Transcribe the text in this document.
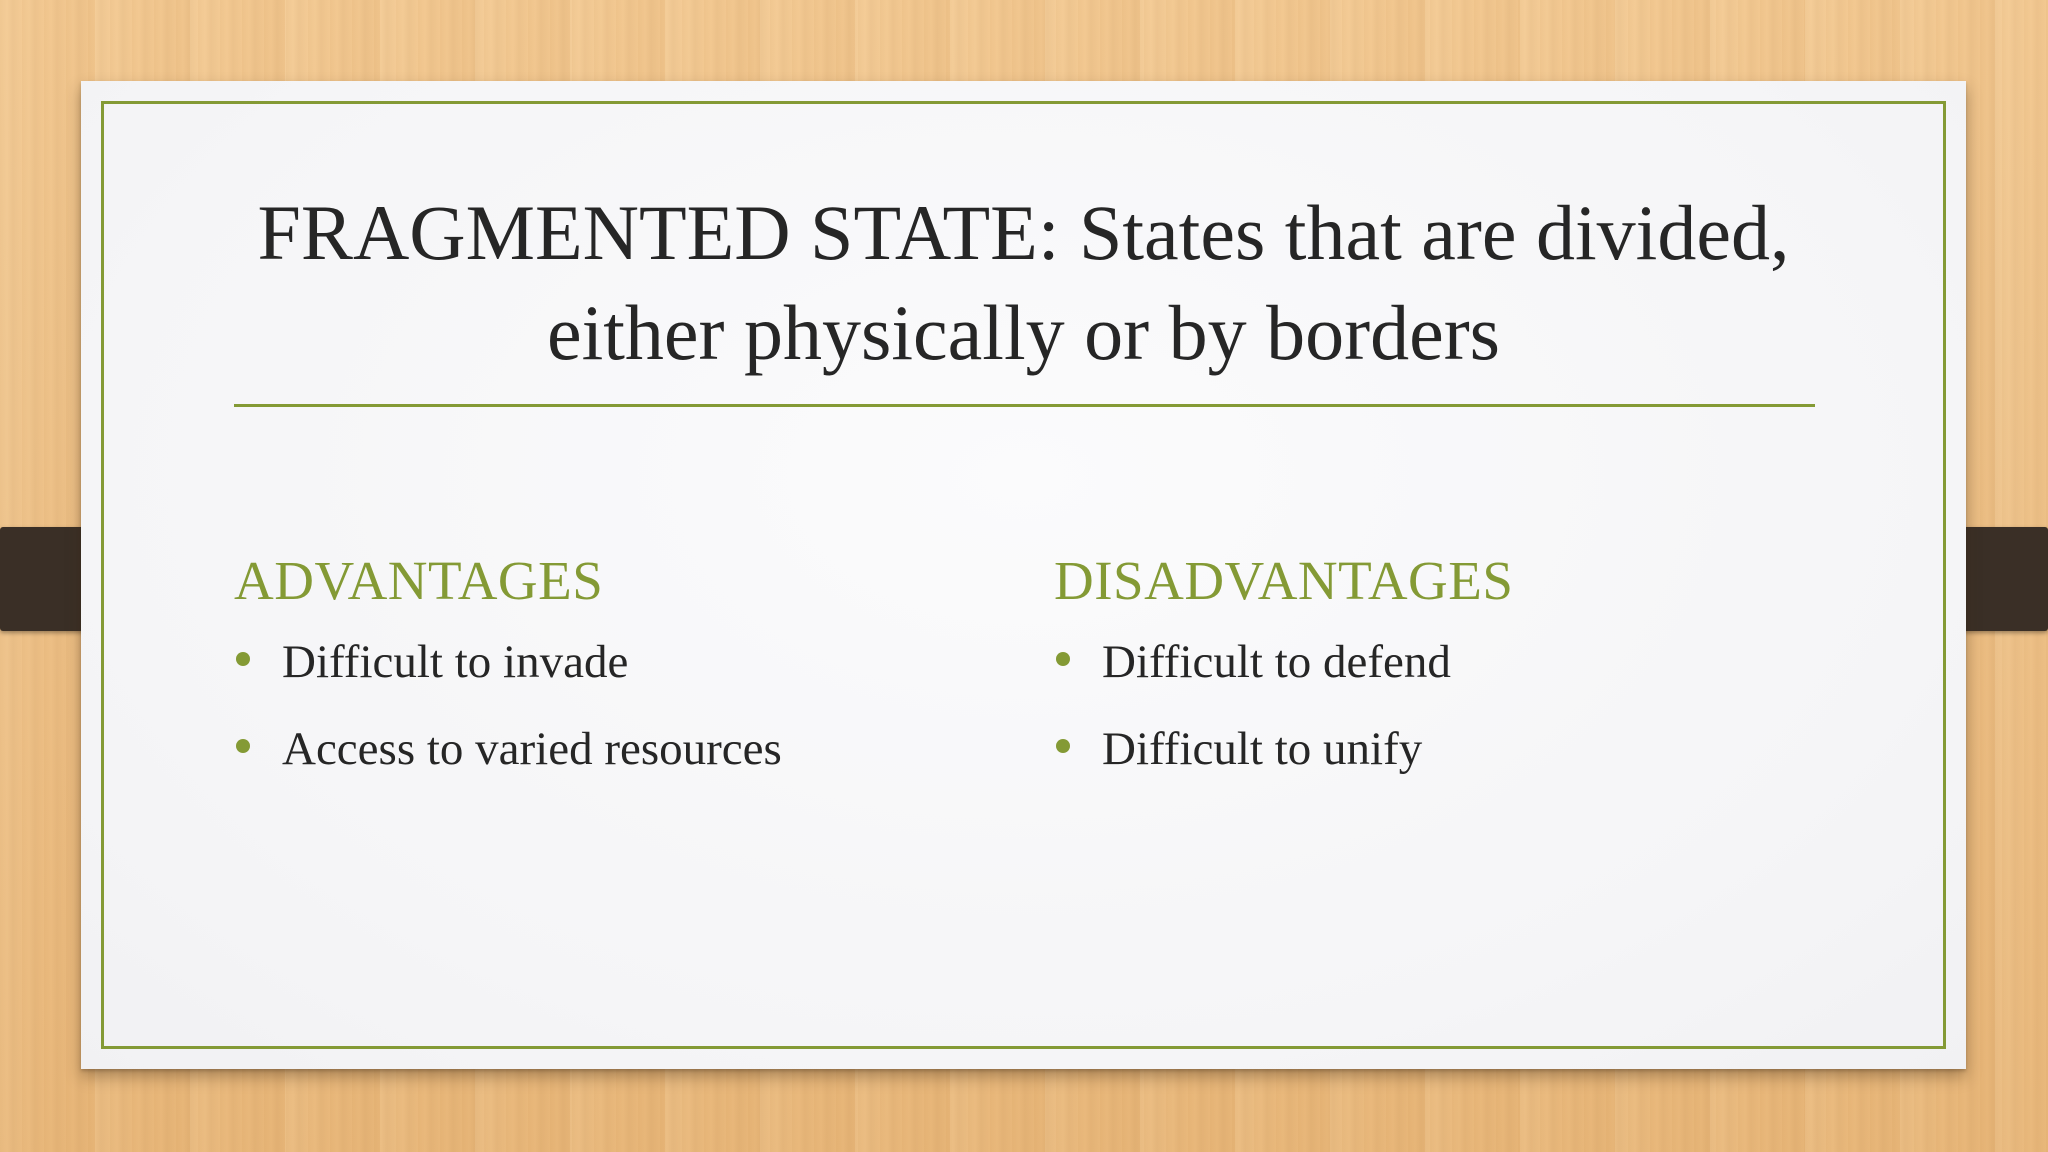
FRAGMENTED STATE: States that are divided, either physically or by borders
ADVANTAGES
Difficult to invade
Access to varied resources
DISADVANTAGES
Difficult to defend
Difficult to unify
